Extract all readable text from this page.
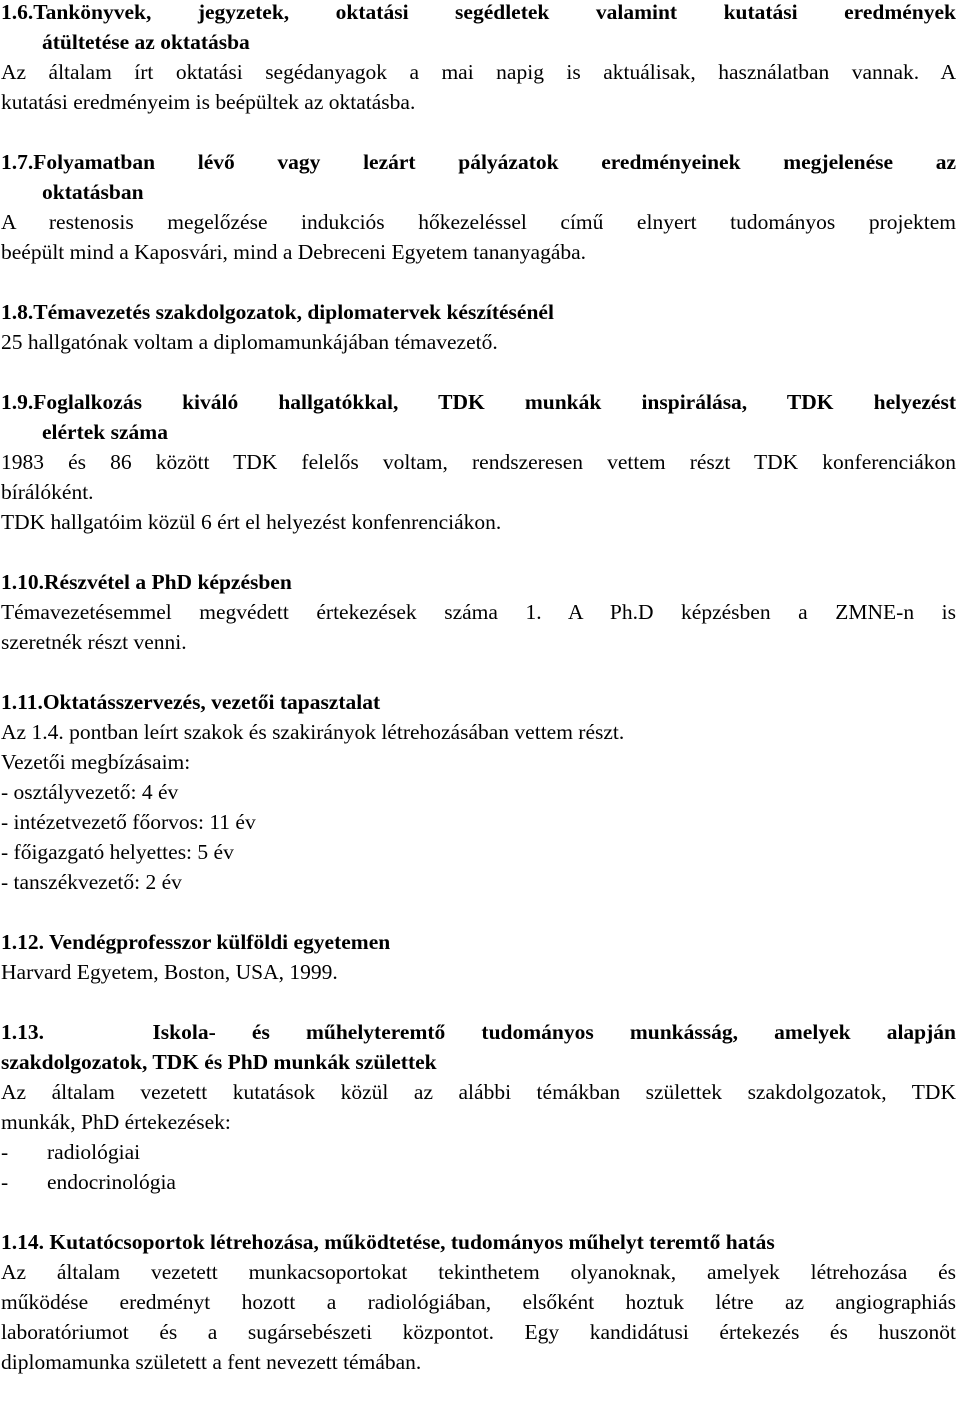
1.6.Tankönyvek, jegyzetek, oktatási segédletek valamint kutatási eredmények
átültetése az oktatásba
Az általam írt oktatási segédanyagok a mai napig is aktuálisak, használatban vannak. A
kutatási eredményeim is beépültek az oktatásba.
1.7.Folyamatban lévő vagy lezárt pályázatok eredményeinek megjelenése az
oktatásban
A restenosis megelőzése indukciós hőkezeléssel című elnyert tudományos projektem
beépült mind a Kaposvári, mind a Debreceni Egyetem tananyagába.
1.8.Témavezetés szakdolgozatok, diplomatervek készítésénél
25 hallgatónak voltam a diplomamunkájában témavezető.
1.9.Foglalkozás kiváló hallgatókkal, TDK munkák inspirálása, TDK helyezést
elértek száma
1983 és 86 között TDK felelős voltam, rendszeresen vettem részt TDK konferenciákon
bírálóként.
TDK hallgatóim közül 6 ért el helyezést konfenrenciákon.
1.10.Részvétel a PhD képzésben
Témavezetésemmel megvédett értekezések száma 1. A Ph.D képzésben a ZMNE-n is
szeretnék részt venni.
1.11.Oktatásszervezés, vezetői tapasztalat
Az 1.4. pontban leírt szakok és szakirányok létrehozásában vettem részt.
Vezetői megbízásaim:
- osztályvezető: 4 év
- intézetvezető főorvos: 11 év
- főigazgató helyettes: 5 év
- tanszékvezető: 2 év
1.12. Vendégprofesszor külföldi egyetemen
Harvard Egyetem, Boston, USA, 1999.
1.13.	Iskola- és műhelyteremtő tudományos munkásság, amelyek alapján
szakdolgozatok, TDK és PhD munkák születtek
Az általam vezetett kutatások közül az alábbi témákban születtek szakdolgozatok, TDK
munkák, PhD értekezések:
- radiológiai
- endocrinológia
1.14. Kutatócsoportok létrehozása, működtetése, tudományos műhelyt teremtő hatás
Az általam vezetett munkacsoportokat tekinthetem olyanoknak, amelyek létrehozása és
működése eredményt hozott a radiológiában, elsőként hoztuk létre az angiographiás
laboratóriumot és a sugársebészeti központot. Egy kandidátusi értekezés és huszonöt
diplomamunka született a fent nevezett témában.
